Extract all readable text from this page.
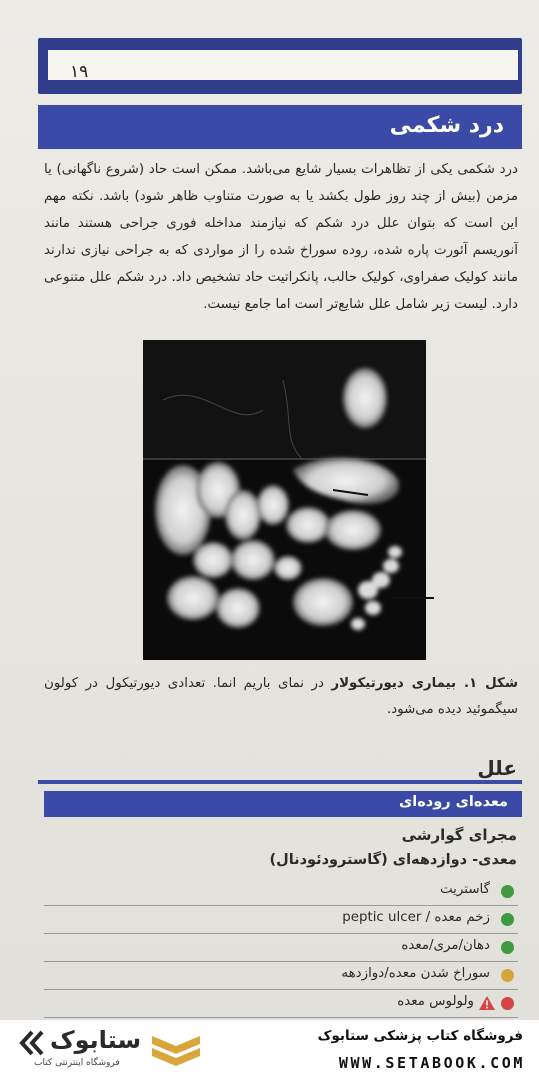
۱۹
درد شکمی
درد شکمی یکی از تظاهرات بسیار شایع می‌باشد. ممکن است حاد (شروع ناگهانی) یا مزمن (بیش از چند روز طول بکشد یا به صورت متناوب ظاهر شود) باشد. نکته مهم این است که بتوان علل درد شکم که نیازمند مداخله فوری جراحی هستند مانند آنوریسم آئورت پاره شده، روده سوراخ شده را از مواردی که به جراحی نیازی ندارند مانند کولیک صفراوی، کولیک حالب، پانکراتیت حاد تشخیص داد. درد شکم علل متنوعی دارد. لیست زیر شامل علل شایع‌تر است اما جامع نیست.
شکل ۱. بیماری دیورتیکولار در نمای باریم انما. تعدادی دیورتیکول در کولون سیگموئید دیده می‌شود.
علل
معده‌ای روده‌ای
مجرای گوارشی
معدی- دوازدهه‌ای (گاسترودئودنال)
گاستریت
زخم معده / peptic ulcer
دهان/مری/معده
سوراخ شدن معده/دوازدهه
ولولوس معده
فروشگاه کتاب پزشکی ستابوک
WWW.SETABOOK.COM
ستابوک
فروشگاه اینترنتی کتاب
